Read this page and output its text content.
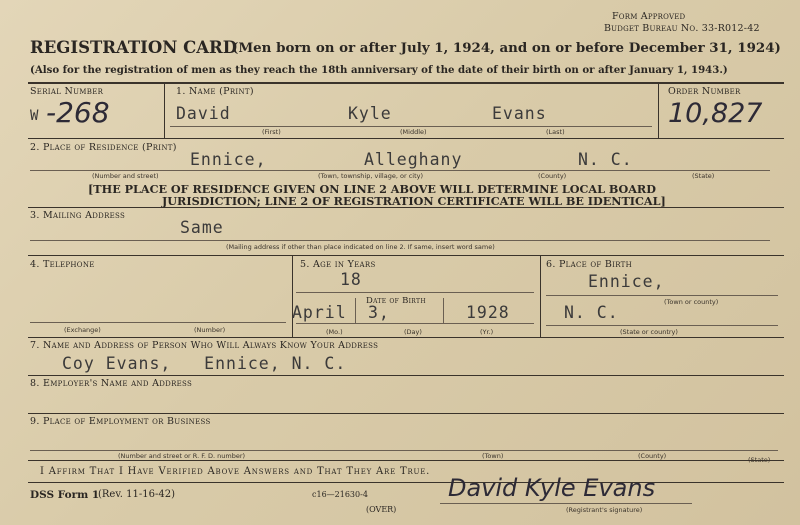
Form Approved
Budget Bureau No. 33-R012-42
REGISTRATION CARD
(Men born on or after July 1, 1924, and on or before December 31, 1924)
(Also for the registration of men as they reach the 18th anniversary of the date of their birth on or after January 1, 1943.)
Serial Number
W -268
1. Name (Print)
David	Kyle	Evans
(First)	(Middle)	(Last)
Order Number
10,827
2. Place of Residence (Print)
Ennice,	Alleghany	N. C.
(Number and street)	(Town, township, village, or city)	(County)	(State)
[THE PLACE OF RESIDENCE GIVEN ON LINE 2 ABOVE WILL DETERMINE LOCAL BOARD
JURISDICTION; LINE 2 OF REGISTRATION CERTIFICATE WILL BE IDENTICAL]
3. Mailing Address
Same
(Mailing address if other than place indicated on line 2. If same, insert word same)
4. Telephone
(Exchange)	(Number)
5. Age in Years
18
Date of Birth
April 3,	1928
(Mo.)	(Day)	(Yr.)
6. Place of Birth
Ennice,
(Town or county)
N. C.
(State or country)
7. Name and Address of Person Who Will Always Know Your Address
Coy Evans,   Ennice, N. C.
8. Employer's Name and Address
9. Place of Employment or Business
(Number and street or R. F. D. number)	(Town)	(County)	(State)
I Affirm That I Have Verified Above Answers and That They Are True.
DSS Form 1
(Rev. 11-16-42)	c16—21630-4
(OVER)
David Kyle Evans
(Registrant's signature)
